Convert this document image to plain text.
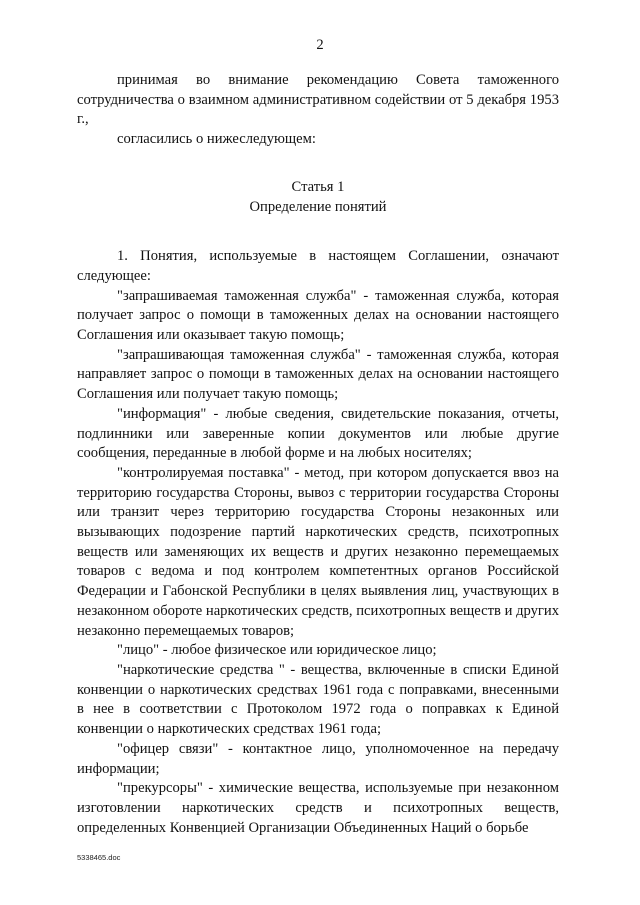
2

принимая во внимание рекомендацию Совета таможенного сотрудничества о взаимном административном содействии от 5 декабря 1953 г.,

согласились о нижеследующем:

Статья 1
Определение понятий

1. Понятия, используемые в настоящем Соглашении, означают следующее:

"запрашиваемая таможенная служба" - таможенная служба, которая получает запрос о помощи в таможенных делах на основании настоящего Соглашения или оказывает такую помощь;

"запрашивающая таможенная служба" - таможенная служба, которая направляет запрос о помощи в таможенных делах на основании настоящего Соглашения или получает такую помощь;

"информация" - любые сведения, свидетельские показания, отчеты, подлинники или заверенные копии документов или любые другие сообщения, переданные в любой форме и на любых носителях;

"контролируемая поставка" - метод, при котором допускается ввоз на территорию государства Стороны, вывоз с территории государства Стороны или транзит через территорию государства Стороны незаконных или вызывающих подозрение партий наркотических средств, психотропных веществ или заменяющих их веществ и других незаконно перемещаемых товаров с ведома и под контролем компетентных органов Российской Федерации и Габонской Республики в целях выявления лиц, участвующих в незаконном обороте наркотических средств, психотропных веществ и других незаконно перемещаемых товаров;

"лицо" - любое физическое или юридическое лицо;

"наркотические средства " - вещества, включенные в списки Единой конвенции о наркотических средствах 1961 года с поправками, внесенными в нее в соответствии с Протоколом 1972 года о поправках к Единой конвенции о наркотических средствах 1961 года;

"офицер связи" - контактное лицо, уполномоченное на передачу информации;

"прекурсоры" - химические вещества, используемые при незаконном изготовлении наркотических средств и психотропных веществ, определенных Конвенцией Организации Объединенных Наций о борьбе

5338465.doc
